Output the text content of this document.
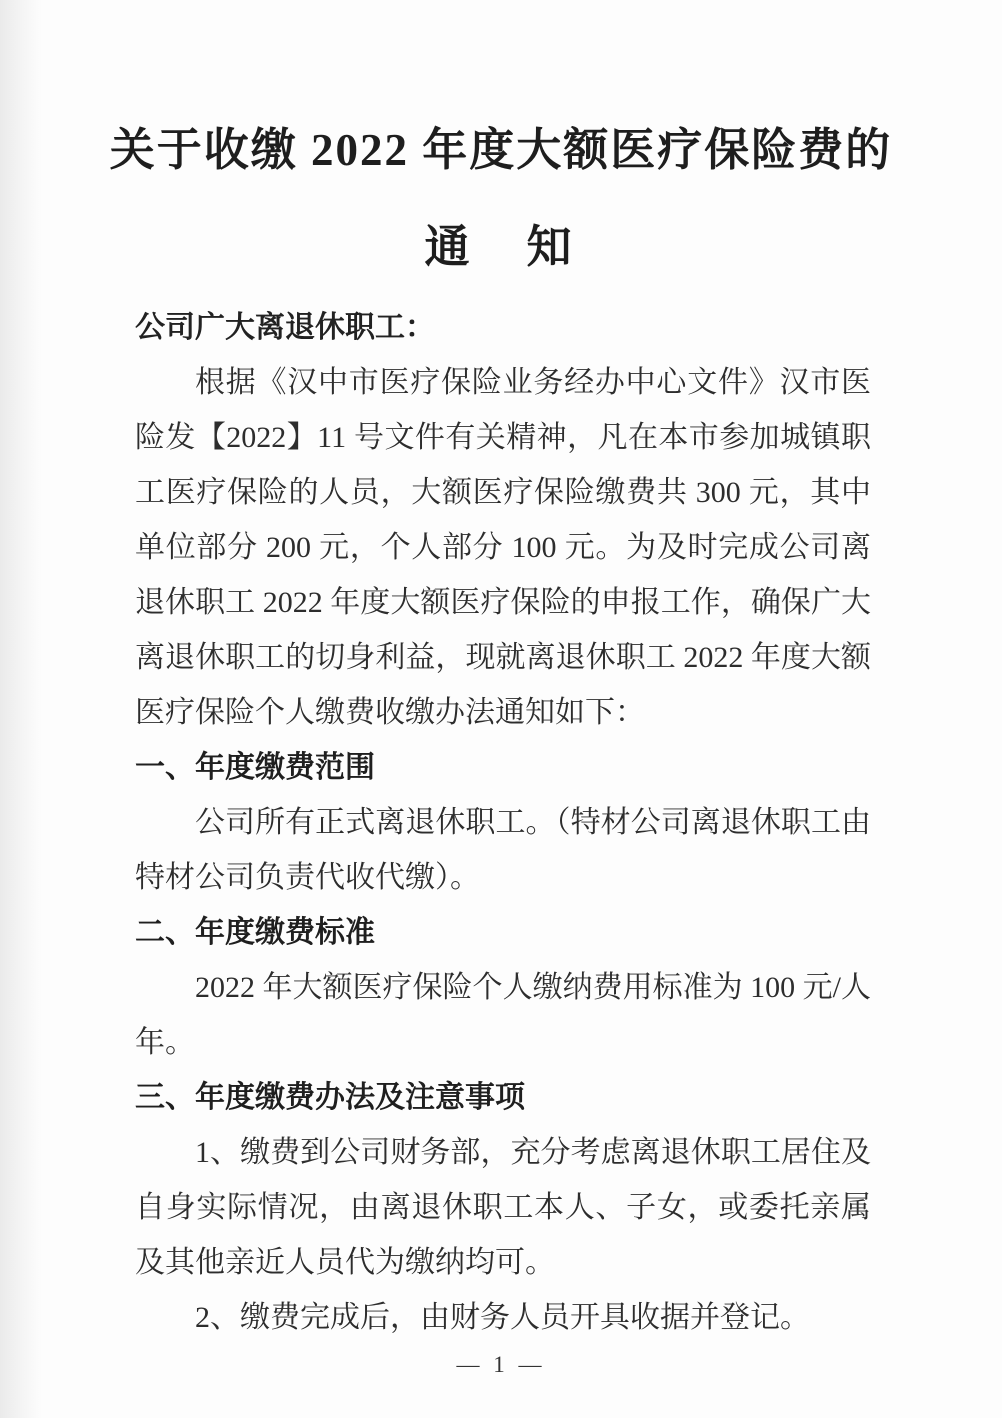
关于收缴 2022 年度大额医疗保险费的
通　知

公司广大离退休职工：

根据《汉中市医疗保险业务经办中心文件》汉市医险发【2022】11 号文件有关精神，凡在本市参加城镇职工医疗保险的人员，大额医疗保险缴费共 300 元，其中单位部分 200 元，个人部分 100 元。为及时完成公司离退休职工 2022 年度大额医疗保险的申报工作，确保广大离退休职工的切身利益，现就离退休职工 2022 年度大额医疗保险个人缴费收缴办法通知如下：

一、年度缴费范围

公司所有正式离退休职工。（特材公司离退休职工由特材公司负责代收代缴）。

二、年度缴费标准

2022 年大额医疗保险个人缴纳费用标准为 100 元/人年。

三、年度缴费办法及注意事项

1、缴费到公司财务部，充分考虑离退休职工居住及自身实际情况，由离退休职工本人、子女，或委托亲属及其他亲近人员代为缴纳均可。

2、缴费完成后，由财务人员开具收据并登记。

— 1 —
